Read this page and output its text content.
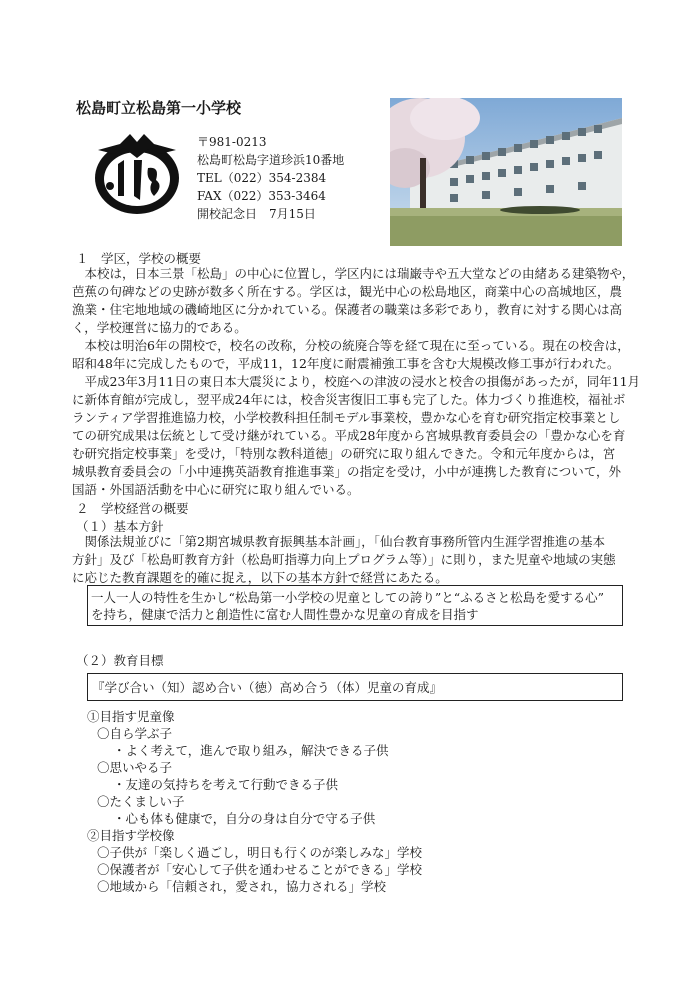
松島町立松島第一小学校
〒981-0213
松島町松島字道珍浜10番地
TEL（022）354-2384
FAX（022）353-3464
開校記念日　7月15日
１　学区，学校の概要
　本校は，日本三景「松島」の中心に位置し，学区内には瑞巌寺や五大堂などの由緒ある建築物や，
芭蕉の句碑などの史跡が数多く所在する。学区は，観光中心の松島地区，商業中心の高城地区，農
漁業・住宅地地域の磯崎地区に分かれている。保護者の職業は多彩であり，教育に対する関心は高
く，学校運営に協力的である。
　本校は明治6年の開校で，校名の改称，分校の統廃合等を経て現在に至っている。現在の校舎は，
昭和48年に完成したもので，平成11，12年度に耐震補強工事を含む大規模改修工事が行われた。
　平成23年3月11日の東日本大震災により，校庭への津波の浸水と校舎の損傷があったが，同年11月
に新体育館が完成し，翌平成24年には，校舎災害復旧工事も完了した。体力づくり推進校，福祉ボ
ランティア学習推進協力校，小学校教科担任制モデル事業校，豊かな心を育む研究指定校事業とし
ての研究成果は伝統として受け継がれている。平成28年度から宮城県教育委員会の「豊かな心を育
む研究指定校事業」を受け，「特別な教科道徳」の研究に取り組んできた。令和元年度からは，宮
城県教育委員会の「小中連携英語教育推進事業」の指定を受け，小中が連携した教育について，外
国語・外国語活動を中心に研究に取り組んでいる。
２　学校経営の概要
（１）基本方針
　関係法規並びに「第2期宮城県教育振興基本計画」，「仙台教育事務所管内生涯学習推進の基本
方針」及び「松島町教育方針（松島町指導力向上プログラム等）」に則り，また児童や地域の実態
に応じた教育課題を的確に捉え，以下の基本方針で経営にあたる。
一人一人の特性を生かし“松島第一小学校の児童としての誇り”と“ふるさと松島を愛する心”
を持ち，健康で活力と創造性に富む人間性豊かな児童の育成を目指す
（２）教育目標
『学び合い（知）認め合い（徳）高め合う（体）児童の育成』
①目指す児童像
〇自ら学ぶ子
・よく考えて，進んで取り組み，解決できる子供
〇思いやる子
・友達の気持ちを考えて行動できる子供
〇たくましい子
・心も体も健康で，自分の身は自分で守る子供
②目指す学校像
〇子供が「楽しく過ごし，明日も行くのが楽しみな」学校
〇保護者が「安心して子供を通わせることができる」学校
〇地域から「信頼され，愛され，協力される」学校
